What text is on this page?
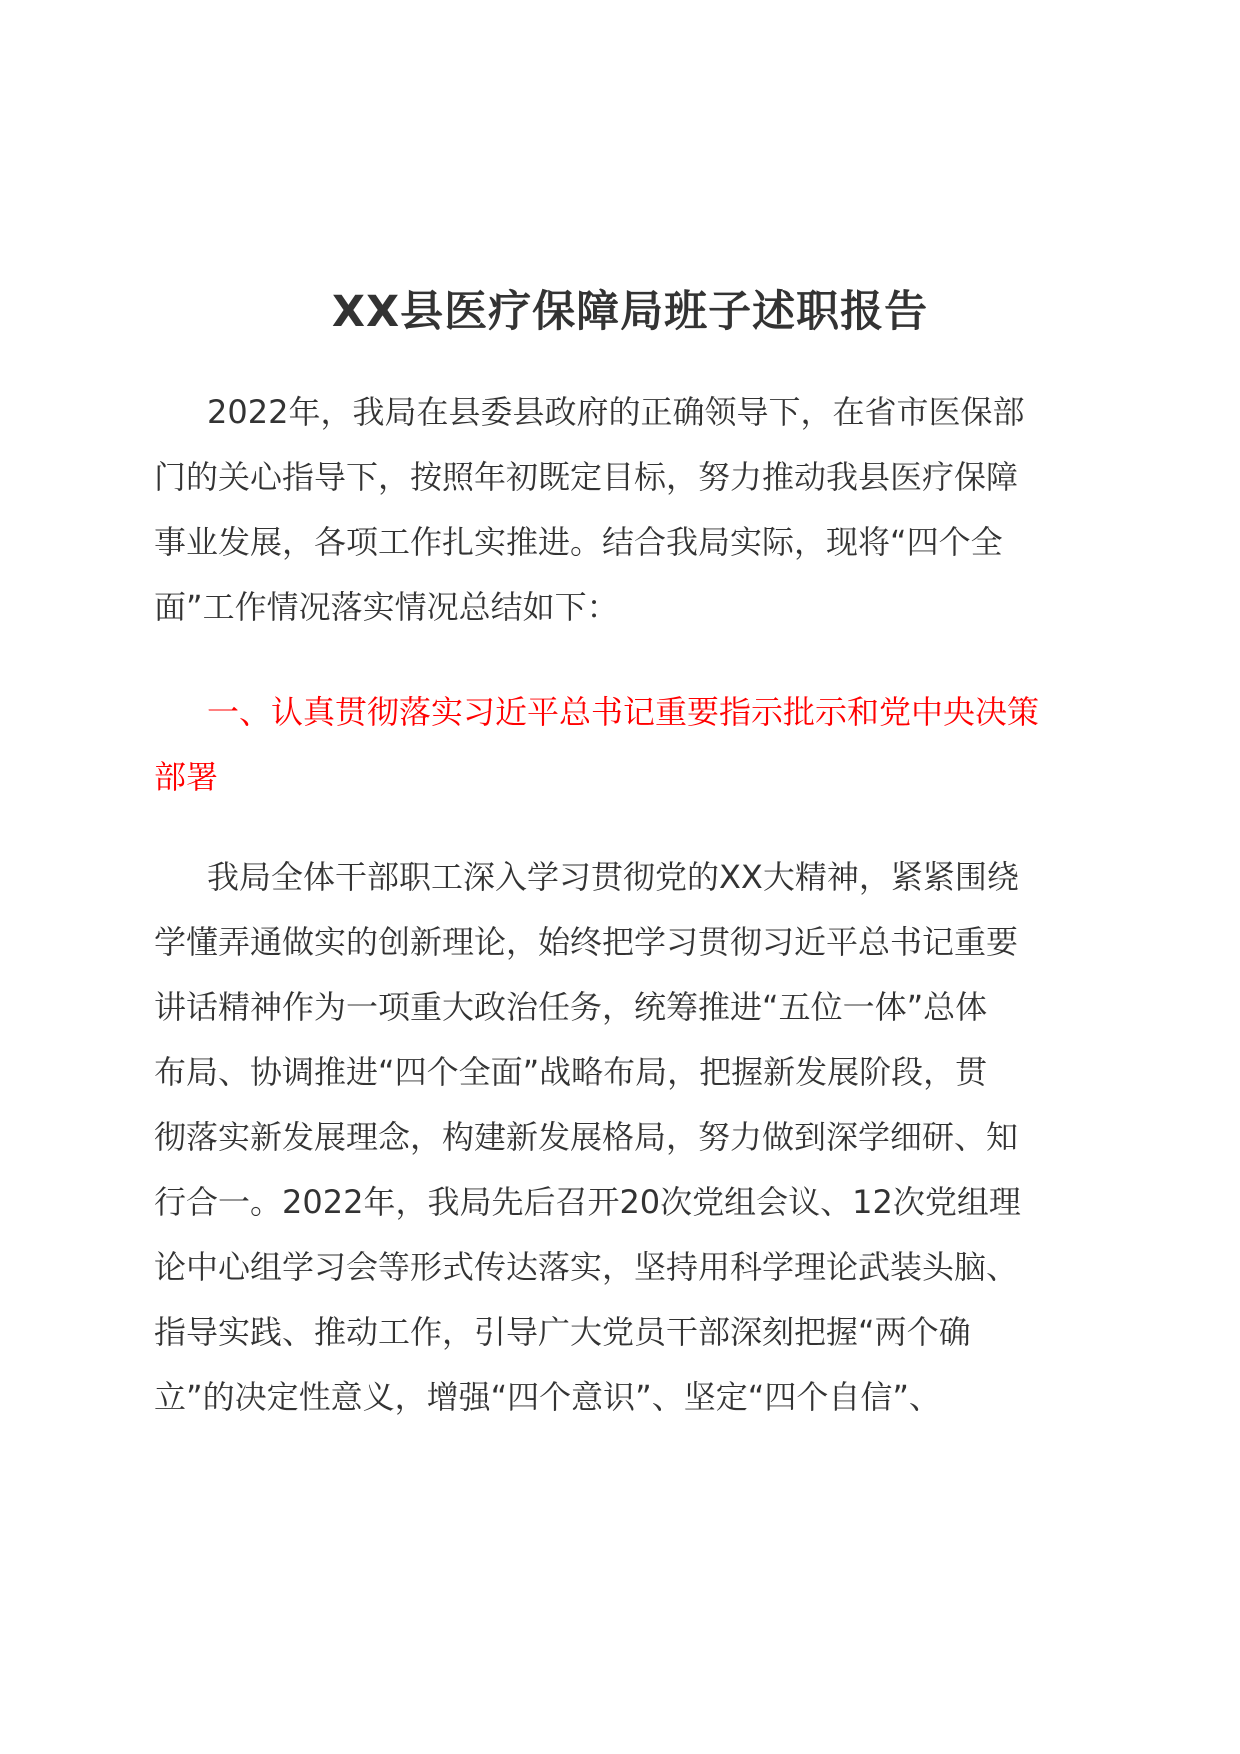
XX县医疗保障局班子述职报告
2022年，我局在县委县政府的正确领导下，在省市医保部
门的关心指导下，按照年初既定目标，努力推动我县医疗保障
事业发展，各项工作扎实推进。结合我局实际，现将“四个全
面”工作情况落实情况总结如下：
一、认真贯彻落实习近平总书记重要指示批示和党中央决策
部署
我局全体干部职工深入学习贯彻党的XX大精神，紧紧围绕
学懂弄通做实的创新理论，始终把学习贯彻习近平总书记重要
讲话精神作为一项重大政治任务，统筹推进“五位一体”总体
布局、协调推进“四个全面”战略布局，把握新发展阶段，贯
彻落实新发展理念，构建新发展格局，努力做到深学细研、知
行合一。2022年，我局先后召开20次党组会议、12次党组理
论中心组学习会等形式传达落实，坚持用科学理论武装头脑、
指导实践、推动工作，引导广大党员干部深刻把握“两个确
立”的决定性意义，增强“四个意识”、坚定“四个自信”、
